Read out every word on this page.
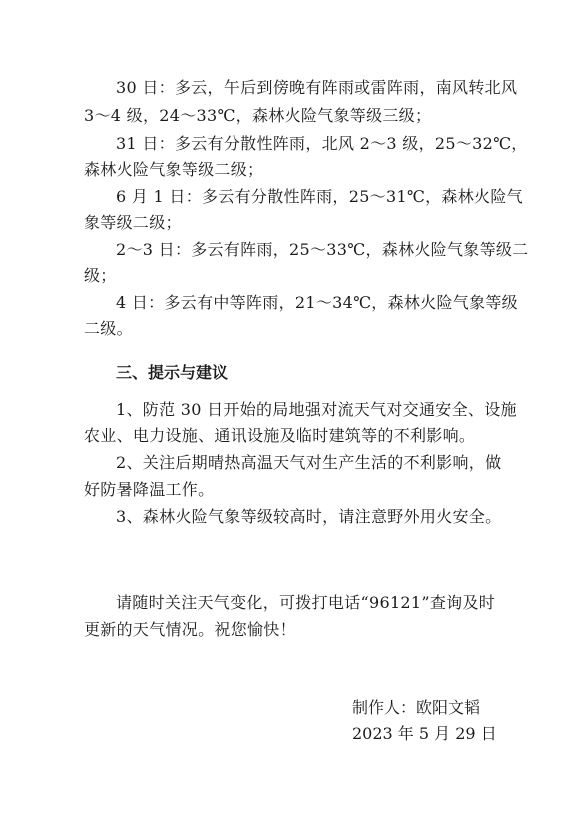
30 日：多云，午后到傍晚有阵雨或雷阵雨，南风转北风
3～4 级，24～33℃，森林火险气象等级三级；
31 日：多云有分散性阵雨，北风 2～3 级，25～32℃，
森林火险气象等级二级；
6 月 1 日：多云有分散性阵雨，25～31℃，森林火险气
象等级二级；
2～3 日：多云有阵雨，25～33℃，森林火险气象等级二
级；
4 日：多云有中等阵雨，21～34℃，森林火险气象等级
二级。
三、提示与建议
1、防范 30 日开始的局地强对流天气对交通安全、设施
农业、电力设施、通讯设施及临时建筑等的不利影响。
2、关注后期晴热高温天气对生产生活的不利影响，做
好防暑降温工作。
3、森林火险气象等级较高时，请注意野外用火安全。
请随时关注天气变化，可拨打电话“96121”查询及时
更新的天气情况。祝您愉快！
制作人：欧阳文韬
2023 年 5 月 29 日
